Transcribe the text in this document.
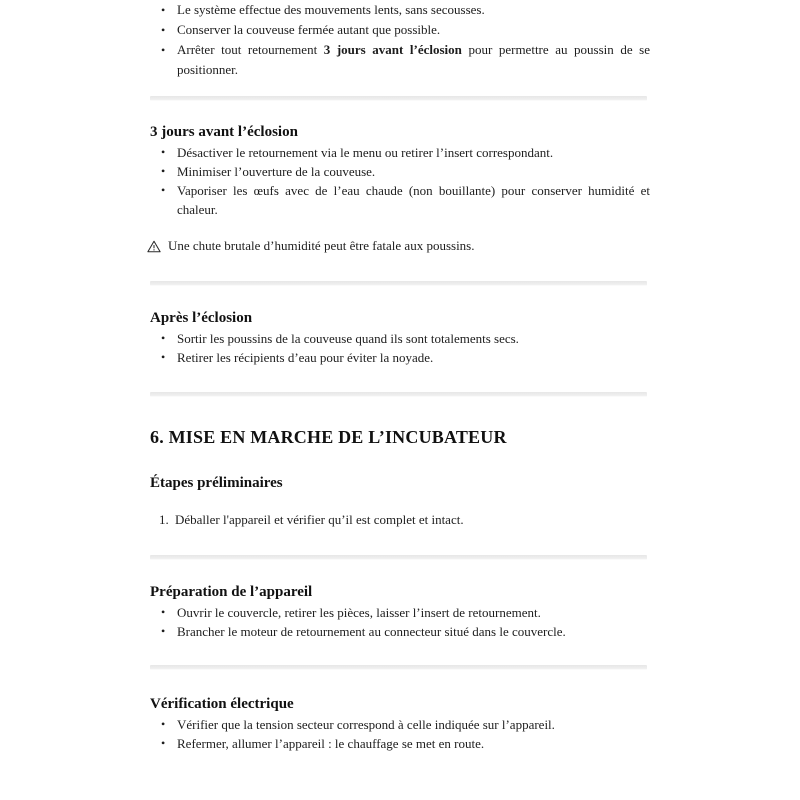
• Le système effectue des mouvements lents, sans secousses.
• Conserver la couveuse fermée autant que possible.
• Arrêter tout retournement 3 jours avant l’éclosion pour permettre au poussin de se positionner.
3 jours avant l’éclosion
• Désactiver le retournement via le menu ou retirer l’insert correspondant.
• Minimiser l’ouverture de la couveuse.
• Vaporiser les œufs avec de l’eau chaude (non bouillante) pour conserver humidité et chaleur.
Une chute brutale d’humidité peut être fatale aux poussins.
Après l’éclosion
• Sortir les poussins de la couveuse quand ils sont totalements secs.
• Retirer les récipients d’eau pour éviter la noyade.
6. MISE EN MARCHE DE L’INCUBATEUR
Étapes préliminaires
1. Déballer l'appareil et vérifier qu’il est complet et intact.
Préparation de l’appareil
• Ouvrir le couvercle, retirer les pièces, laisser l’insert de retournement.
• Brancher le moteur de retournement au connecteur situé dans le couvercle.
Vérification électrique
• Vérifier que la tension secteur correspond à celle indiquée sur l’appareil.
• Refermer, allumer l’appareil : le chauffage se met en route.
